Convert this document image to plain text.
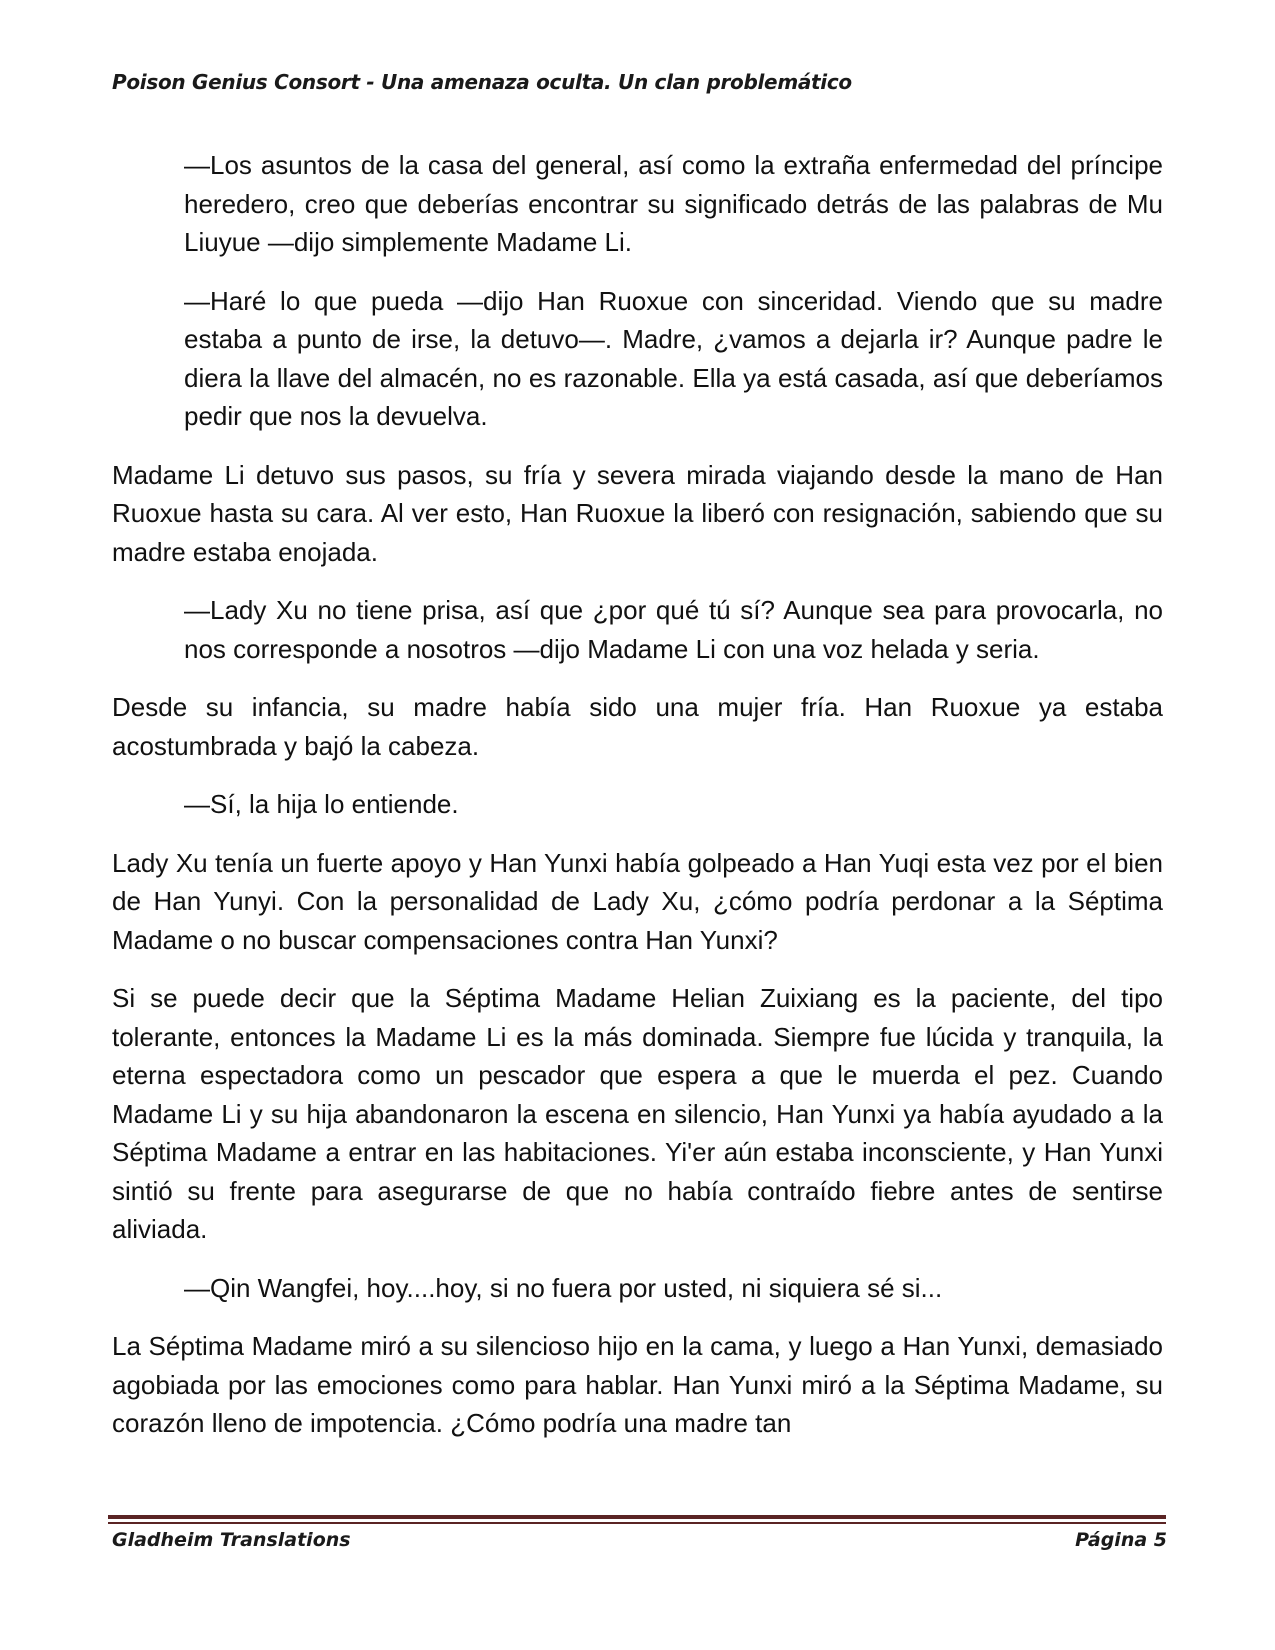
Poison Genius Consort - Una amenaza oculta. Un clan problemático

—Los asuntos de la casa del general, así como la extraña enfermedad del príncipe heredero, creo que deberías encontrar su significado detrás de las palabras de Mu Liuyue —dijo simplemente Madame Li.

—Haré lo que pueda —dijo Han Ruoxue con sinceridad. Viendo que su madre estaba a punto de irse, la detuvo—. Madre, ¿vamos a dejarla ir? Aunque padre le diera la llave del almacén, no es razonable. Ella ya está casada, así que deberíamos pedir que nos la devuelva.

Madame Li detuvo sus pasos, su fría y severa mirada viajando desde la mano de Han Ruoxue hasta su cara. Al ver esto, Han Ruoxue la liberó con resignación, sabiendo que su madre estaba enojada.

—Lady Xu no tiene prisa, así que ¿por qué tú sí? Aunque sea para provocarla, no nos corresponde a nosotros —dijo Madame Li con una voz helada y seria.

Desde su infancia, su madre había sido una mujer fría. Han Ruoxue ya estaba acostumbrada y bajó la cabeza.

—Sí, la hija lo entiende.

Lady Xu tenía un fuerte apoyo y Han Yunxi había golpeado a Han Yuqi esta vez por el bien de Han Yunyi. Con la personalidad de Lady Xu, ¿cómo podría perdonar a la Séptima Madame o no buscar compensaciones contra Han Yunxi?

Si se puede decir que la Séptima Madame Helian Zuixiang es la paciente, del tipo tolerante, entonces la Madame Li es la más dominada. Siempre fue lúcida y tranquila, la eterna espectadora como un pescador que espera a que le muerda el pez. Cuando Madame Li y su hija abandonaron la escena en silencio, Han Yunxi ya había ayudado a la Séptima Madame a entrar en las habitaciones. Yi'er aún estaba inconsciente, y Han Yunxi sintió su frente para asegurarse de que no había contraído fiebre antes de sentirse aliviada.

—Qin Wangfei, hoy....hoy, si no fuera por usted, ni siquiera sé si...

La Séptima Madame miró a su silencioso hijo en la cama, y luego a Han Yunxi, demasiado agobiada por las emociones como para hablar. Han Yunxi miró a la Séptima Madame, su corazón lleno de impotencia. ¿Cómo podría una madre tan

Gladheim Translations	Página 5
